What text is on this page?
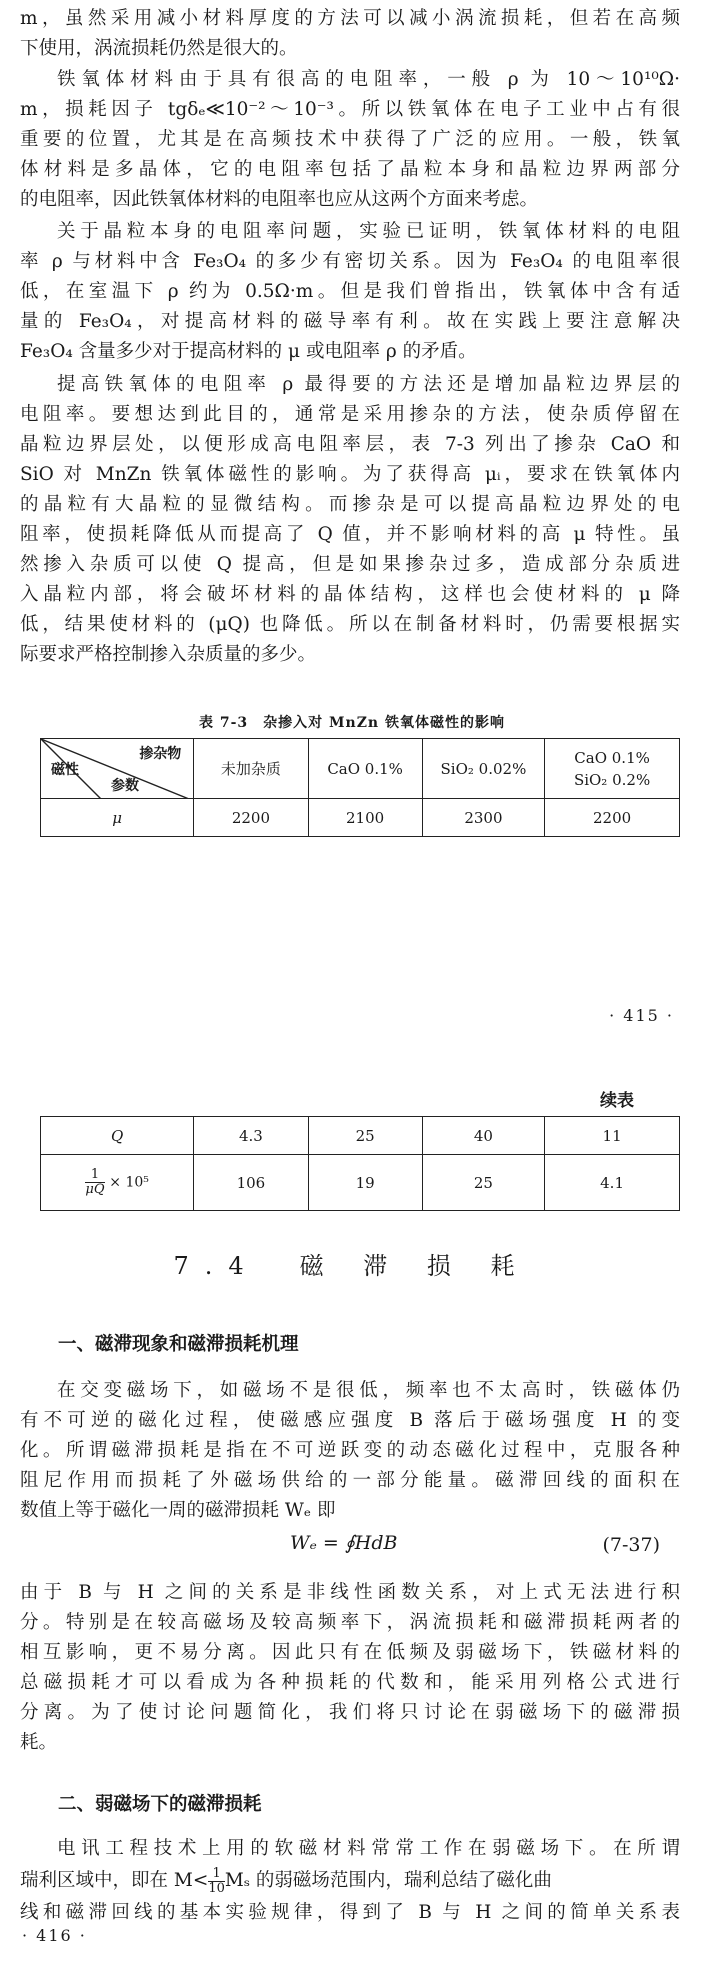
m，虽然采用减小材料厚度的方法可以减小涡流损耗，但若在高频
下使用，涡流损耗仍然是很大的。
铁氧体材料由于具有很高的电阻率，一般 ρ 为 10～10¹⁰Ω·
m，损耗因子 tgδₑ≪10⁻²～10⁻³。所以铁氧体在电子工业中占有很
重要的位置，尤其是在高频技术中获得了广泛的应用。一般，铁氧
体材料是多晶体，它的电阻率包括了晶粒本身和晶粒边界两部分
的电阻率，因此铁氧体材料的电阻率也应从这两个方面来考虑。
关于晶粒本身的电阻率问题，实验已证明，铁氧体材料的电阻
率 ρ 与材料中含 Fe₃O₄ 的多少有密切关系。因为 Fe₃O₄ 的电阻率很
低，在室温下 ρ 约为 0.5Ω·m。但是我们曾指出，铁氧体中含有适
量的 Fe₃O₄，对提高材料的磁导率有利。故在实践上要注意解决
Fe₃O₄ 含量多少对于提高材料的 μ 或电阻率 ρ 的矛盾。
提高铁氧体的电阻率 ρ 最得要的方法还是增加晶粒边界层的
电阻率。要想达到此目的，通常是采用掺杂的方法，使杂质停留在
晶粒边界层处，以便形成高电阻率层，表 7-3 列出了掺杂 CaO 和
SiO 对 MnZn 铁氧体磁性的影响。为了获得高 μᵢ，要求在铁氧体内
的晶粒有大晶粒的显微结构。而掺杂是可以提高晶粒边界处的电
阻率，使损耗降低从而提高了 Q 值，并不影响材料的高 μ 特性。虽
然掺入杂质可以使 Q 提高，但是如果掺杂过多，造成部分杂质进
入晶粒内部，将会破坏材料的晶体结构，这样也会使材料的 μ 降
低，结果使材料的 (μQ) 也降低。所以在制备材料时，仍需要根据实
际要求严格控制掺入杂质量的多少。
表 7-3　杂掺入对 MnZn 铁氧体磁性的影响
掺杂物
磁性
参数	未加杂质	CaO 0.1%	SiO₂ 0.02%	CaO 0.1%
SiO₂ 0.2%

μ	2200	2100	2300	2200
· 415 ·
续表
Q	4.3	25	40	11

$\frac{1}{\mu Q} \times 10^5$	106	19	25	4.1
7.4　磁 滞 损 耗
一、磁滞现象和磁滞损耗机理
在交变磁场下，如磁场不是很低，频率也不太高时，铁磁体仍
有不可逆的磁化过程，使磁感应强度 B 落后于磁场强度 H 的变
化。所谓磁滞损耗是指在不可逆跃变的动态磁化过程中，克服各种
阻尼作用而损耗了外磁场供给的一部分能量。磁滞回线的面积在
数值上等于磁化一周的磁滞损耗 Wₑ 即
Wₑ = ∮HdB	(7-37)
由于 B 与 H 之间的关系是非线性函数关系，对上式无法进行积
分。特别是在较高磁场及较高频率下，涡流损耗和磁滞损耗两者的
相互影响，更不易分离。因此只有在低频及弱磁场下，铁磁材料的
总磁损耗才可以看成为各种损耗的代数和，能采用列格公式进行
分离。为了使讨论问题简化，我们将只讨论在弱磁场下的磁滞损
耗。
二、弱磁场下的磁滞损耗
电讯工程技术上用的软磁材料常常工作在弱磁场下。在所谓
瑞利区域中，即在 $M< \frac{1}{10}$ Mₛ 的弱磁场范围内，瑞利总结了磁化曲
线和磁滞回线的基本实验规律，得到了 B 与 H 之间的简单关系表
· 416 ·
